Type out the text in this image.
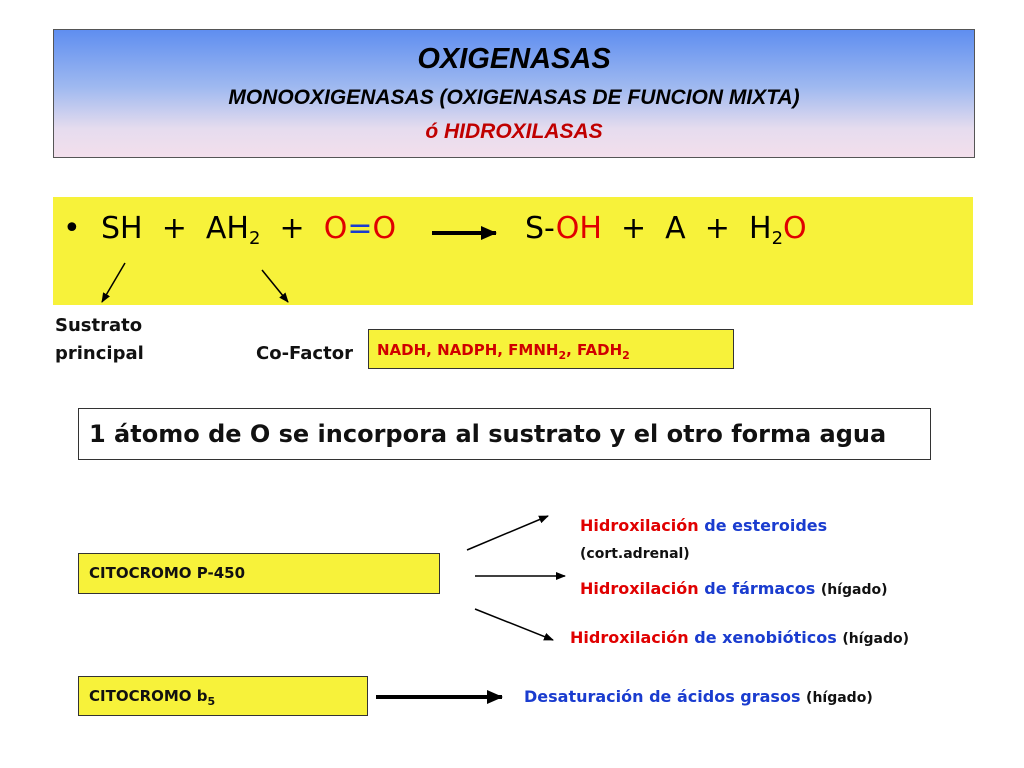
OXIGENASAS
MONOOXIGENASAS (OXIGENASAS DE FUNCION MIXTA)
ó HIDROXILASAS
• SH + $AH_2 + O=O$	$S-OH + A + H_2O$
Sustrato
principal	Co-Factor	NADH, NADPH, $FMNH_2$, $FADH_2$
1 átomo de O se incorpora al sustrato y el otro forma agua
CITOCROMO P-450
Hidroxilación de esteroides
(cort.adrenal)
Hidroxilación de fármacos (hígado)
Hidroxilación de xenobióticos (hígado)
CITOCROMO $b_5$	Desaturación de ácidos grasos (hígado)
